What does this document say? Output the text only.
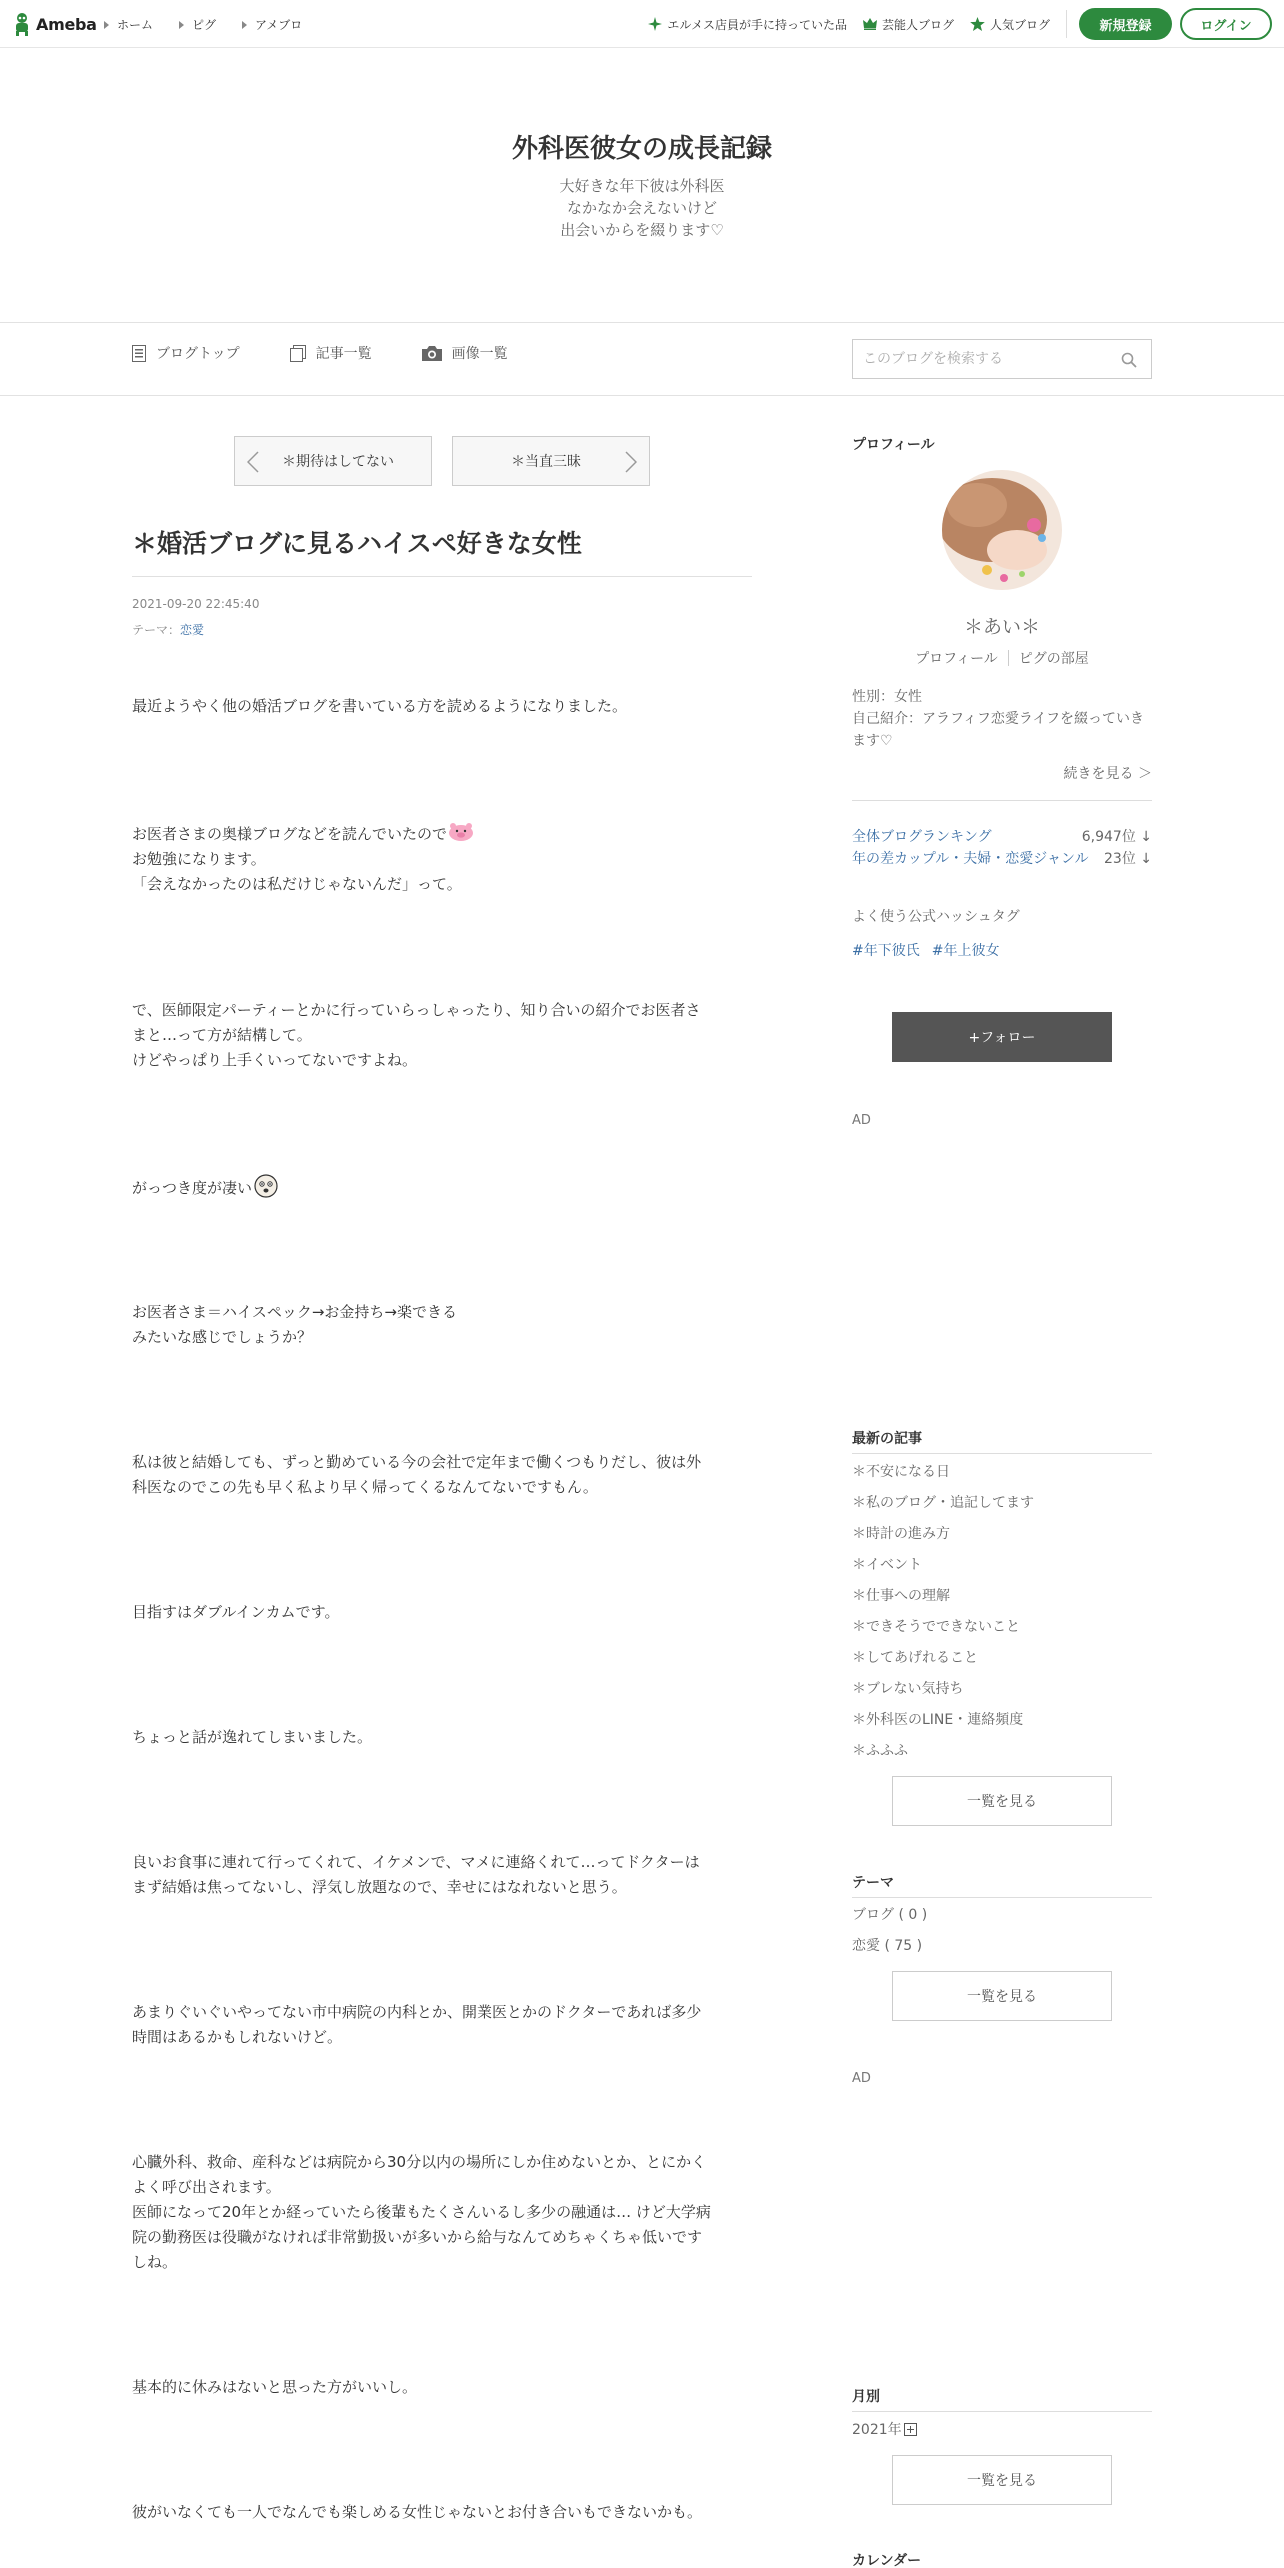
Ameba ホーム	ピグ	アメブロ	エルメス店員が手に持っていた品	芸能人ブログ	人気ブログ	新規登録	ログイン
外科医彼女の成長記録
大好きな年下彼は外科医
なかなか会えないけど
出会いからを綴ります♡
ブログトップ	記事一覧	画像一覧
このブログを検索する
＊期待はしてない	＊当直三昧
＊婚活ブログに見るハイスペ好きな女性
2021-09-20 22:45:40
テーマ：恋愛
最近ようやく他の婚活ブログを書いている方を読めるようになりました。
お医者さまの奥様ブログなどを読んでいたので
お勉強になります。
「会えなかったのは私だけじゃないんだ」って。
で、医師限定パーティーとかに行っていらっしゃったり、知り合いの紹介でお医者さ
まと…って方が結構して。
けどやっぱり上手くいってないですよね。
がっつき度が凄い
お医者さま＝ハイスペック→お金持ち→楽できる
みたいな感じでしょうか？
私は彼と結婚しても、ずっと勤めている今の会社で定年まで働くつもりだし、彼は外
科医なのでこの先も早く私より早く帰ってくるなんてないですもん。
目指すはダブルインカムです。
ちょっと話が逸れてしまいました。
良いお食事に連れて行ってくれて、イケメンで、マメに連絡くれて…ってドクターは
まず結婚は焦ってないし、浮気し放題なので、幸せにはなれないと思う。
あまりぐいぐいやってない市中病院の内科とか、開業医とかのドクターであれば多少
時間はあるかもしれないけど。
心臓外科、救命、産科などは病院から30分以内の場所にしか住めないとか、とにかく
よく呼び出されます。
医師になって20年とか経っていたら後輩もたくさんいるし多少の融通は… けど大学病
院の勤務医は役職がなければ非常勤扱いが多いから給与なんてめちゃくちゃ低いです
しね。
基本的に休みはないと思った方がいいし。
彼がいなくても一人でなんでも楽しめる女性じゃないとお付き合いもできないかも。
プロフィール
＊あい＊
プロフィール ピグの部屋
性別：女性
自己紹介：アラフィフ恋愛ライフを綴っていき
ます♡
続きを見る ＞
全体ブログランキング	6,947位 ↓
年の差カップル・夫婦・恋愛ジャンル 23位 ↓
よく使う公式ハッシュタグ
#年下彼氏 #年上彼女
+フォロー
AD
最新の記事
＊不安になる日
＊私のブログ・追記してます
＊時計の進み方
＊イベント
＊仕事への理解
＊できそうでできないこと
＊してあげれること
＊ブレない気持ち
＊外科医のLINE・連絡頻度
＊ふふふ
一覧を見る
テーマ
ブログ ( 0 )
恋愛 ( 75 )
一覧を見る
AD
月別
2021年
一覧を見る
カレンダー
